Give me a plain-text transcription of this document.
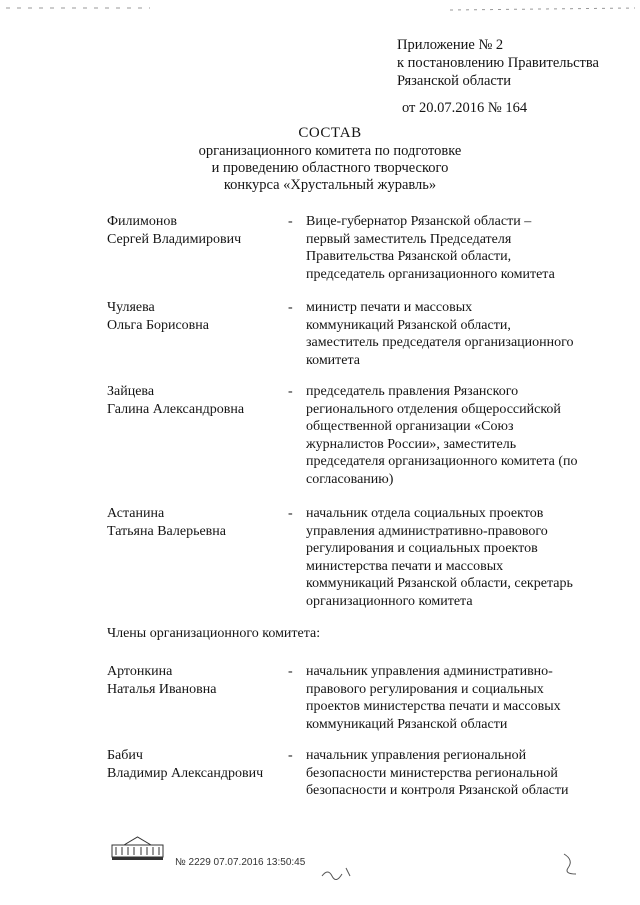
Приложение № 2
к постановлению Правительства
Рязанской области
от 20.07.2016 № 164
СОСТАВ
организационного комитета по подготовке
и проведению областного творческого
конкурса «Хрустальный журавль»
Филимонов
Сергей Владимирович
- Вице-губернатор Рязанской области –
первый заместитель Председателя
Правительства Рязанской области,
председатель организационного комитета
Чуляева
Ольга Борисовна
- министр печати и массовых
коммуникаций Рязанской области,
заместитель председателя организационного
комитета
Зайцева
Галина Александровна
- председатель правления Рязанского
регионального отделения общероссийской
общественной организации «Союз
журналистов России», заместитель
председателя организационного комитета (по
согласованию)
Астанина
Татьяна Валерьевна
- начальник отдела социальных проектов
управления административно-правового
регулирования и социальных проектов
министерства печати и массовых
коммуникаций Рязанской области, секретарь
организационного комитета
Члены организационного комитета:
Артонкина
Наталья Ивановна
- начальник управления административно-
правового регулирования и социальных
проектов министерства печати и массовых
коммуникаций Рязанской области
Бабич
Владимир Александрович
- начальник управления региональной
безопасности министерства региональной
безопасности и контроля Рязанской области
№ 2229 07.07.2016 13:50:45
